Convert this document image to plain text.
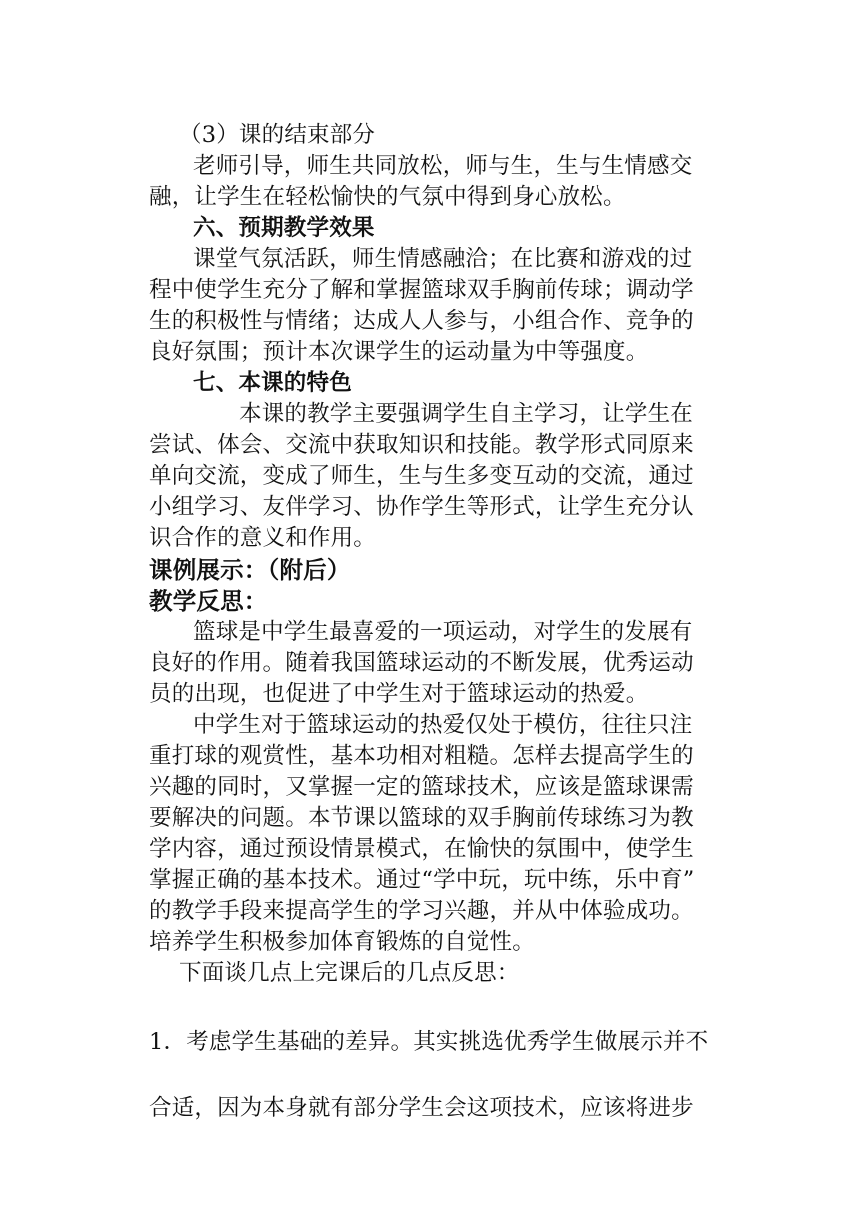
（3）课的结束部分
老师引导，师生共同放松，师与生，生与生情感交
融，让学生在轻松愉快的气氛中得到身心放松。
六、预期教学效果
课堂气氛活跃，师生情感融洽；在比赛和游戏的过
程中使学生充分了解和掌握篮球双手胸前传球；调动学
生的积极性与情绪；达成人人参与，小组合作、竞争的
良好氛围；预计本次课学生的运动量为中等强度。
七、本课的特色
本课的教学主要强调学生自主学习，让学生在
尝试、体会、交流中获取知识和技能。教学形式同原来
单向交流，变成了师生，生与生多变互动的交流，通过
小组学习、友伴学习、协作学生等形式，让学生充分认
识合作的意义和作用。
课例展示：（附后）
教学反思：
篮球是中学生最喜爱的一项运动，对学生的发展有
良好的作用。随着我国篮球运动的不断发展，优秀运动
员的出现，也促进了中学生对于篮球运动的热爱。
中学生对于篮球运动的热爱仅处于模仿，往往只注
重打球的观赏性，基本功相对粗糙。怎样去提高学生的
兴趣的同时，又掌握一定的篮球技术，应该是篮球课需
要解决的问题。本节课以篮球的双手胸前传球练习为教
学内容，通过预设情景模式，在愉快的氛围中，使学生
掌握正确的基本技术。通过“学中玩，玩中练，乐中育”
的教学手段来提高学生的学习兴趣，并从中体验成功。
培养学生积极参加体育锻炼的自觉性。
下面谈几点上完课后的几点反思：
1．考虑学生基础的差异。其实挑选优秀学生做展示并不
合适，因为本身就有部分学生会这项技术，应该将进步
